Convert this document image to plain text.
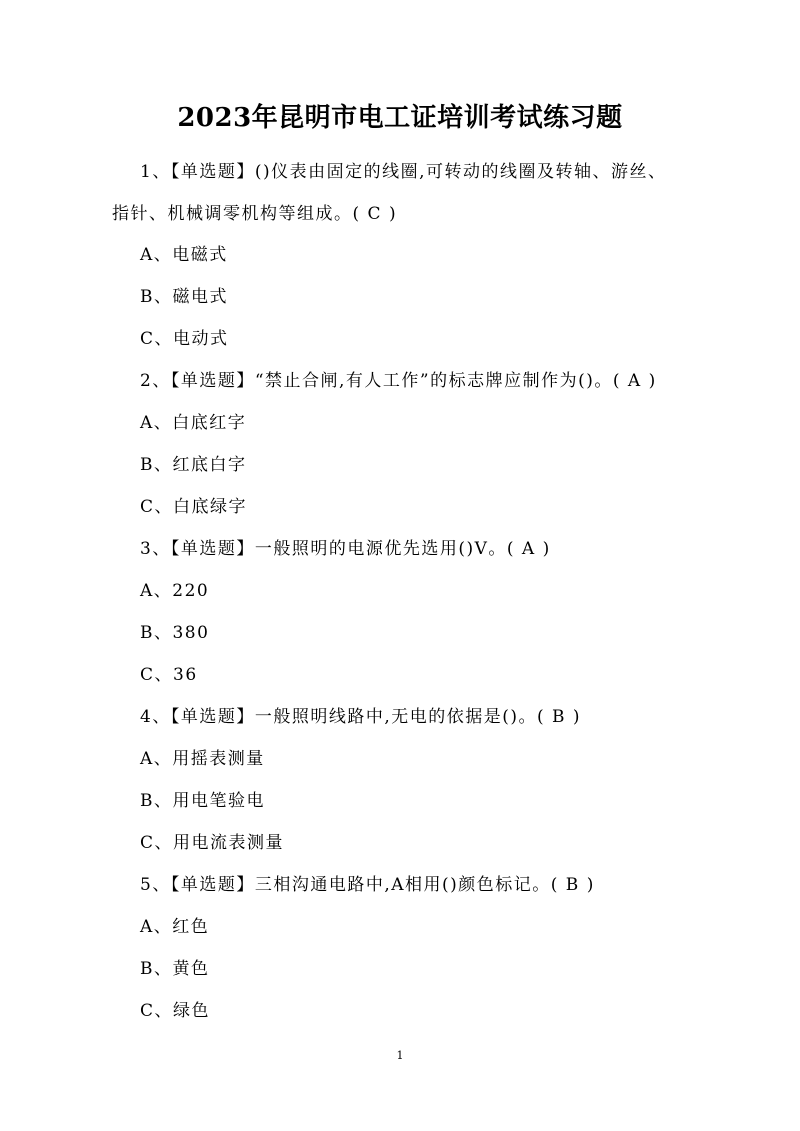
2023年昆明市电工证培训考试练习题
1、【单选题】()仪表由固定的线圈,可转动的线圈及转轴、游丝、
指针、机械调零机构等组成。( C )
A、电磁式
B、磁电式
C、电动式
2、【单选题】“禁止合闸,有人工作”的标志牌应制作为()。( A )
A、白底红字
B、红底白字
C、白底绿字
3、【单选题】一般照明的电源优先选用()V。( A )
A、220
B、380
C、36
4、【单选题】一般照明线路中,无电的依据是()。( B )
A、用摇表测量
B、用电笔验电
C、用电流表测量
5、【单选题】三相沟通电路中,A相用()颜色标记。( B )
A、红色
B、黄色
C、绿色
1
